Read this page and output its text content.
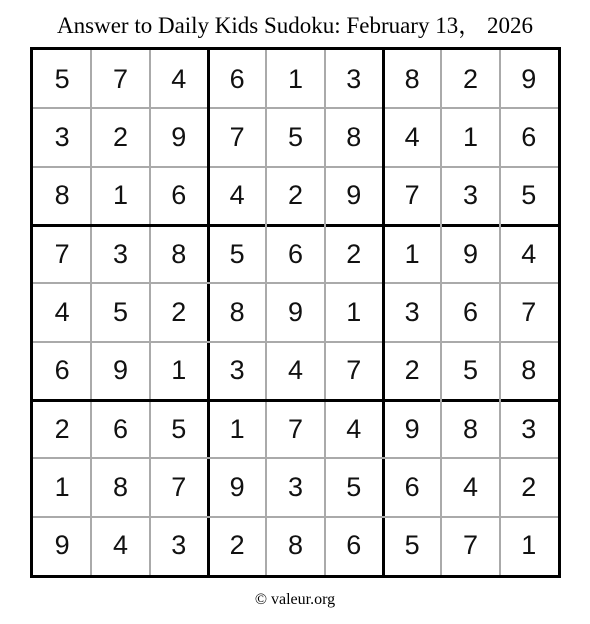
Answer to Daily Kids Sudoku: February 13， 2026
5	7	4	6	1	3	8	2	9
3	2	9	7	5	8	4	1	6
8	1	6	4	2	9	7	3	5
7	3	8	5	6	2	1	9	4
4	5	2	8	9	1	3	6	7
6	9	1	3	4	7	2	5	8
2	6	5	1	7	4	9	8	3
1	8	7	9	3	5	6	4	2
9	4	3	2	8	6	5	7	1
© valeur.org
